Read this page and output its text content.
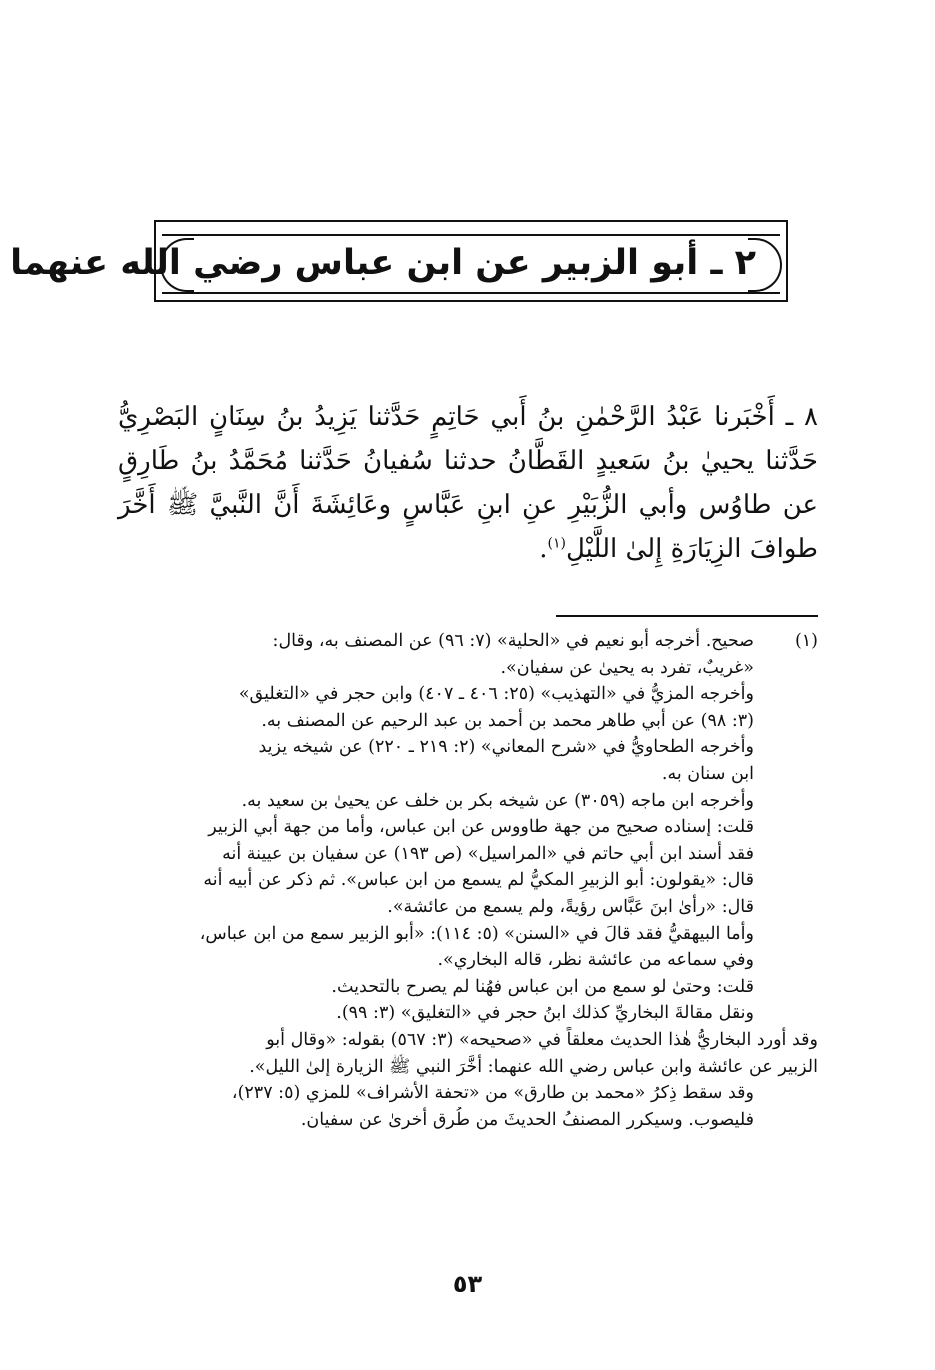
٢ ـ أبو الزبير عن ابن عباس رضي الله عنهما
٨ ـ أَخْبَرنا عَبْدُ الرَّحْمٰنِ بنُ أَبي حَاتِمٍ حَدَّثنا يَزِيدُ بنُ سِنَانٍ البَصْرِيُّ حَدَّثنا يحييٰ بنُ سَعيدٍ القَطَّانُ حدثنا سُفيانُ حَدَّثنا مُحَمَّدُ بنُ طَارِقٍ عن طاوُس وأبي الزُّبَيْرِ عنِ ابنِ عَبَّاسٍ وعَائِشَةَ أَنَّ النَّبيَّ ﷺ أَخَّرَ طوافَ الزِيَارَةِ إِلىٰ اللَّيْلِ$^{(١)}$.
(١)
صحيح. أخرجه أبو نعيم في «الحلية» (٧: ٩٦) عن المصنف به، وقال:
«غريبٌ، تفرد به يحيىٰ عن سفيان».
وأخرجه المزيُّ في «التهذيب» (٢٥: ٤٠٦ ـ ٤٠٧) وابن حجر في «التغليق»
(٣: ٩٨) عن أبي طاهر محمد بن أحمد بن عبد الرحيم عن المصنف به.
وأخرجه الطحاويُّ في «شرح المعاني» (٢: ٢١٩ ـ ٢٢٠) عن شيخه يزيد
ابن سنان به.
وأخرجه ابن ماجه (٣٠٥٩) عن شيخه بكر بن خلف عن يحيىٰ بن سعيد به.
قلت: إسناده صحيح من جهة طاووس عن ابن عباس، وأما من جهة أبي الزبير
فقد أسند ابن أبي حاتم في «المراسيل» (ص ١٩٣) عن سفيان بن عيينة أنه
قال: «يقولون: أبو الزبيرِ المكيُّ لم يسمع من ابن عباس». ثم ذكر عن أبيه أنه
قال: «رأىٰ ابنَ عَبَّاس رؤيةً، ولم يسمع من عائشة».
وأما البيهقيُّ فقد قالَ في «السنن» (٥: ١١٤): «أبو الزبير سمع من ابن عباس،
وفي سماعه من عائشة نظر، قاله البخاري».
قلت: وحتىٰ لو سمع من ابن عباس فهُنا لم يصرح بالتحديث.
ونقل مقالةَ البخاريِّ كذلك ابنُ حجر في «التغليق» (٣: ٩٩).
وقد أورد البخاريُّ هٰذا الحديث معلقاً في «صحيحه» (٣: ٥٦٧) بقوله: «وقال أبو
الزبير عن عائشة وابن عباس رضي الله عنهما: أَخَّرَ النبي ﷺ الزيارة إلىٰ الليل».
وقد سقط ذِكرُ «محمد بن طارق» من «تحفة الأشراف» للمزي (٥: ٢٣٧)،
فليصوب. وسيكرر المصنفُ الحديثَ من طُرق أخرىٰ عن سفيان.
٥٣
